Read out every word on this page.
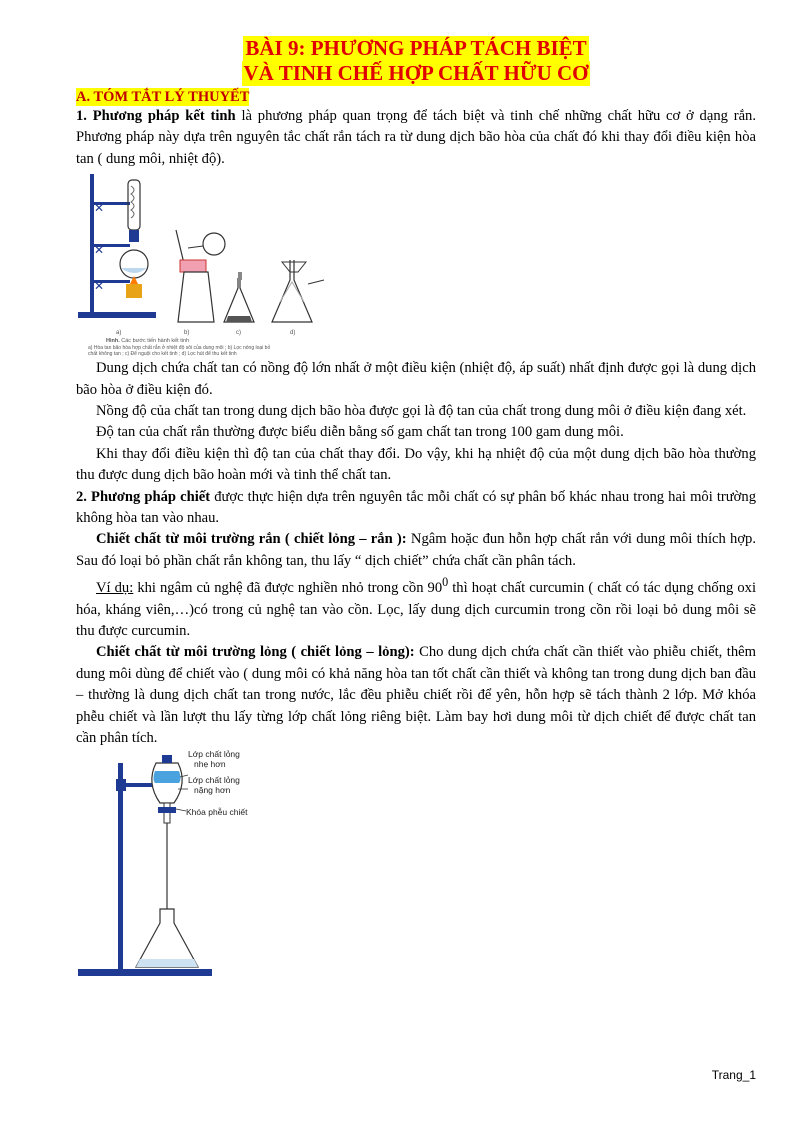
BÀI 9: PHƯƠNG PHÁP TÁCH BIỆT
VÀ TINH CHẾ HỢP CHẤT HỮU CƠ
A. TÓM TẮT LÝ THUYẾT

1. Phương pháp kết tinh là phương pháp quan trọng để tách biệt và tinh chế những chất hữu cơ ở dạng rắn. Phương pháp này dựa trên nguyên tắc chất rắn tách ra từ dung dịch bão hòa của chất đó khi thay đổi điều kiện hòa tan ( dung môi, nhiệt độ).

✕
✕
✕
a)	b)	c)	d)
Hình. Các bước tiến hành kết tinh
a) Hòa tan bão hòa hợp chất rắn ở nhiệt độ sôi của dung môi ; b) Lọc nóng loại bỏ
chất không tan ; c) Để nguội cho kết tinh ; d) Lọc hút để thu kết tinh

Dung dịch chứa chất tan có nồng độ lớn nhất ở một điều kiện (nhiệt độ, áp suất) nhất định được gọi là dung dịch bão hòa ở điều kiện đó.

Nồng độ của chất tan trong dung dịch bão hòa được gọi là độ tan của chất trong dung môi ở điều kiện đang xét.

Độ tan của chất rắn thường được biểu diễn bằng số gam chất tan trong 100 gam dung môi.

Khi thay đổi điều kiện thì độ tan của chất thay đổi. Do vậy, khi hạ nhiệt độ của một dung dịch bão hòa thường thu được dung dịch bão hoàn mới và tinh thể chất tan.

2. Phương pháp chiết được thực hiện dựa trên nguyên tắc mỗi chất có sự phân bố khác nhau trong hai môi trường không hòa tan vào nhau.

Chiết chất từ môi trường rắn ( chiết lỏng – rắn ): Ngâm hoặc đun hỗn hợp chất rắn với dung môi thích hợp. Sau đó loại bỏ phần chất rắn không tan, thu lấy “ dịch chiết” chứa chất cần phân tách.

Ví dụ: khi ngâm củ nghệ đã được nghiền nhỏ trong cồn $90^0$ thì hoạt chất curcumin ( chất có tác dụng chống oxi hóa, kháng viên,…)có trong củ nghệ tan vào cồn. Lọc, lấy dung dịch curcumin trong cồn rồi loại bỏ dung môi sẽ thu được curcumin.

Chiết chất từ môi trường lỏng ( chiết lỏng – lỏng): Cho dung dịch chứa chất cần thiết vào phiễu chiết, thêm dung môi dùng để chiết vào ( dung môi có khả năng hòa tan tốt chất cần thiết và không tan trong dung dịch ban đầu – thường là dung dịch chất tan trong nước, lắc đều phiễu chiết rồi để yên, hỗn hợp sẽ tách thành 2 lớp. Mở khóa phễu chiết và lần lượt thu lấy từng lớp chất lỏng riêng biệt. Làm bay hơi dung môi từ dịch chiết để được chất tan cần phân tích.

Lớp chất lỏng
nhẹ hơn
Lớp chất lỏng
nặng hơn
Khóa phễu chiết
Trang_1
